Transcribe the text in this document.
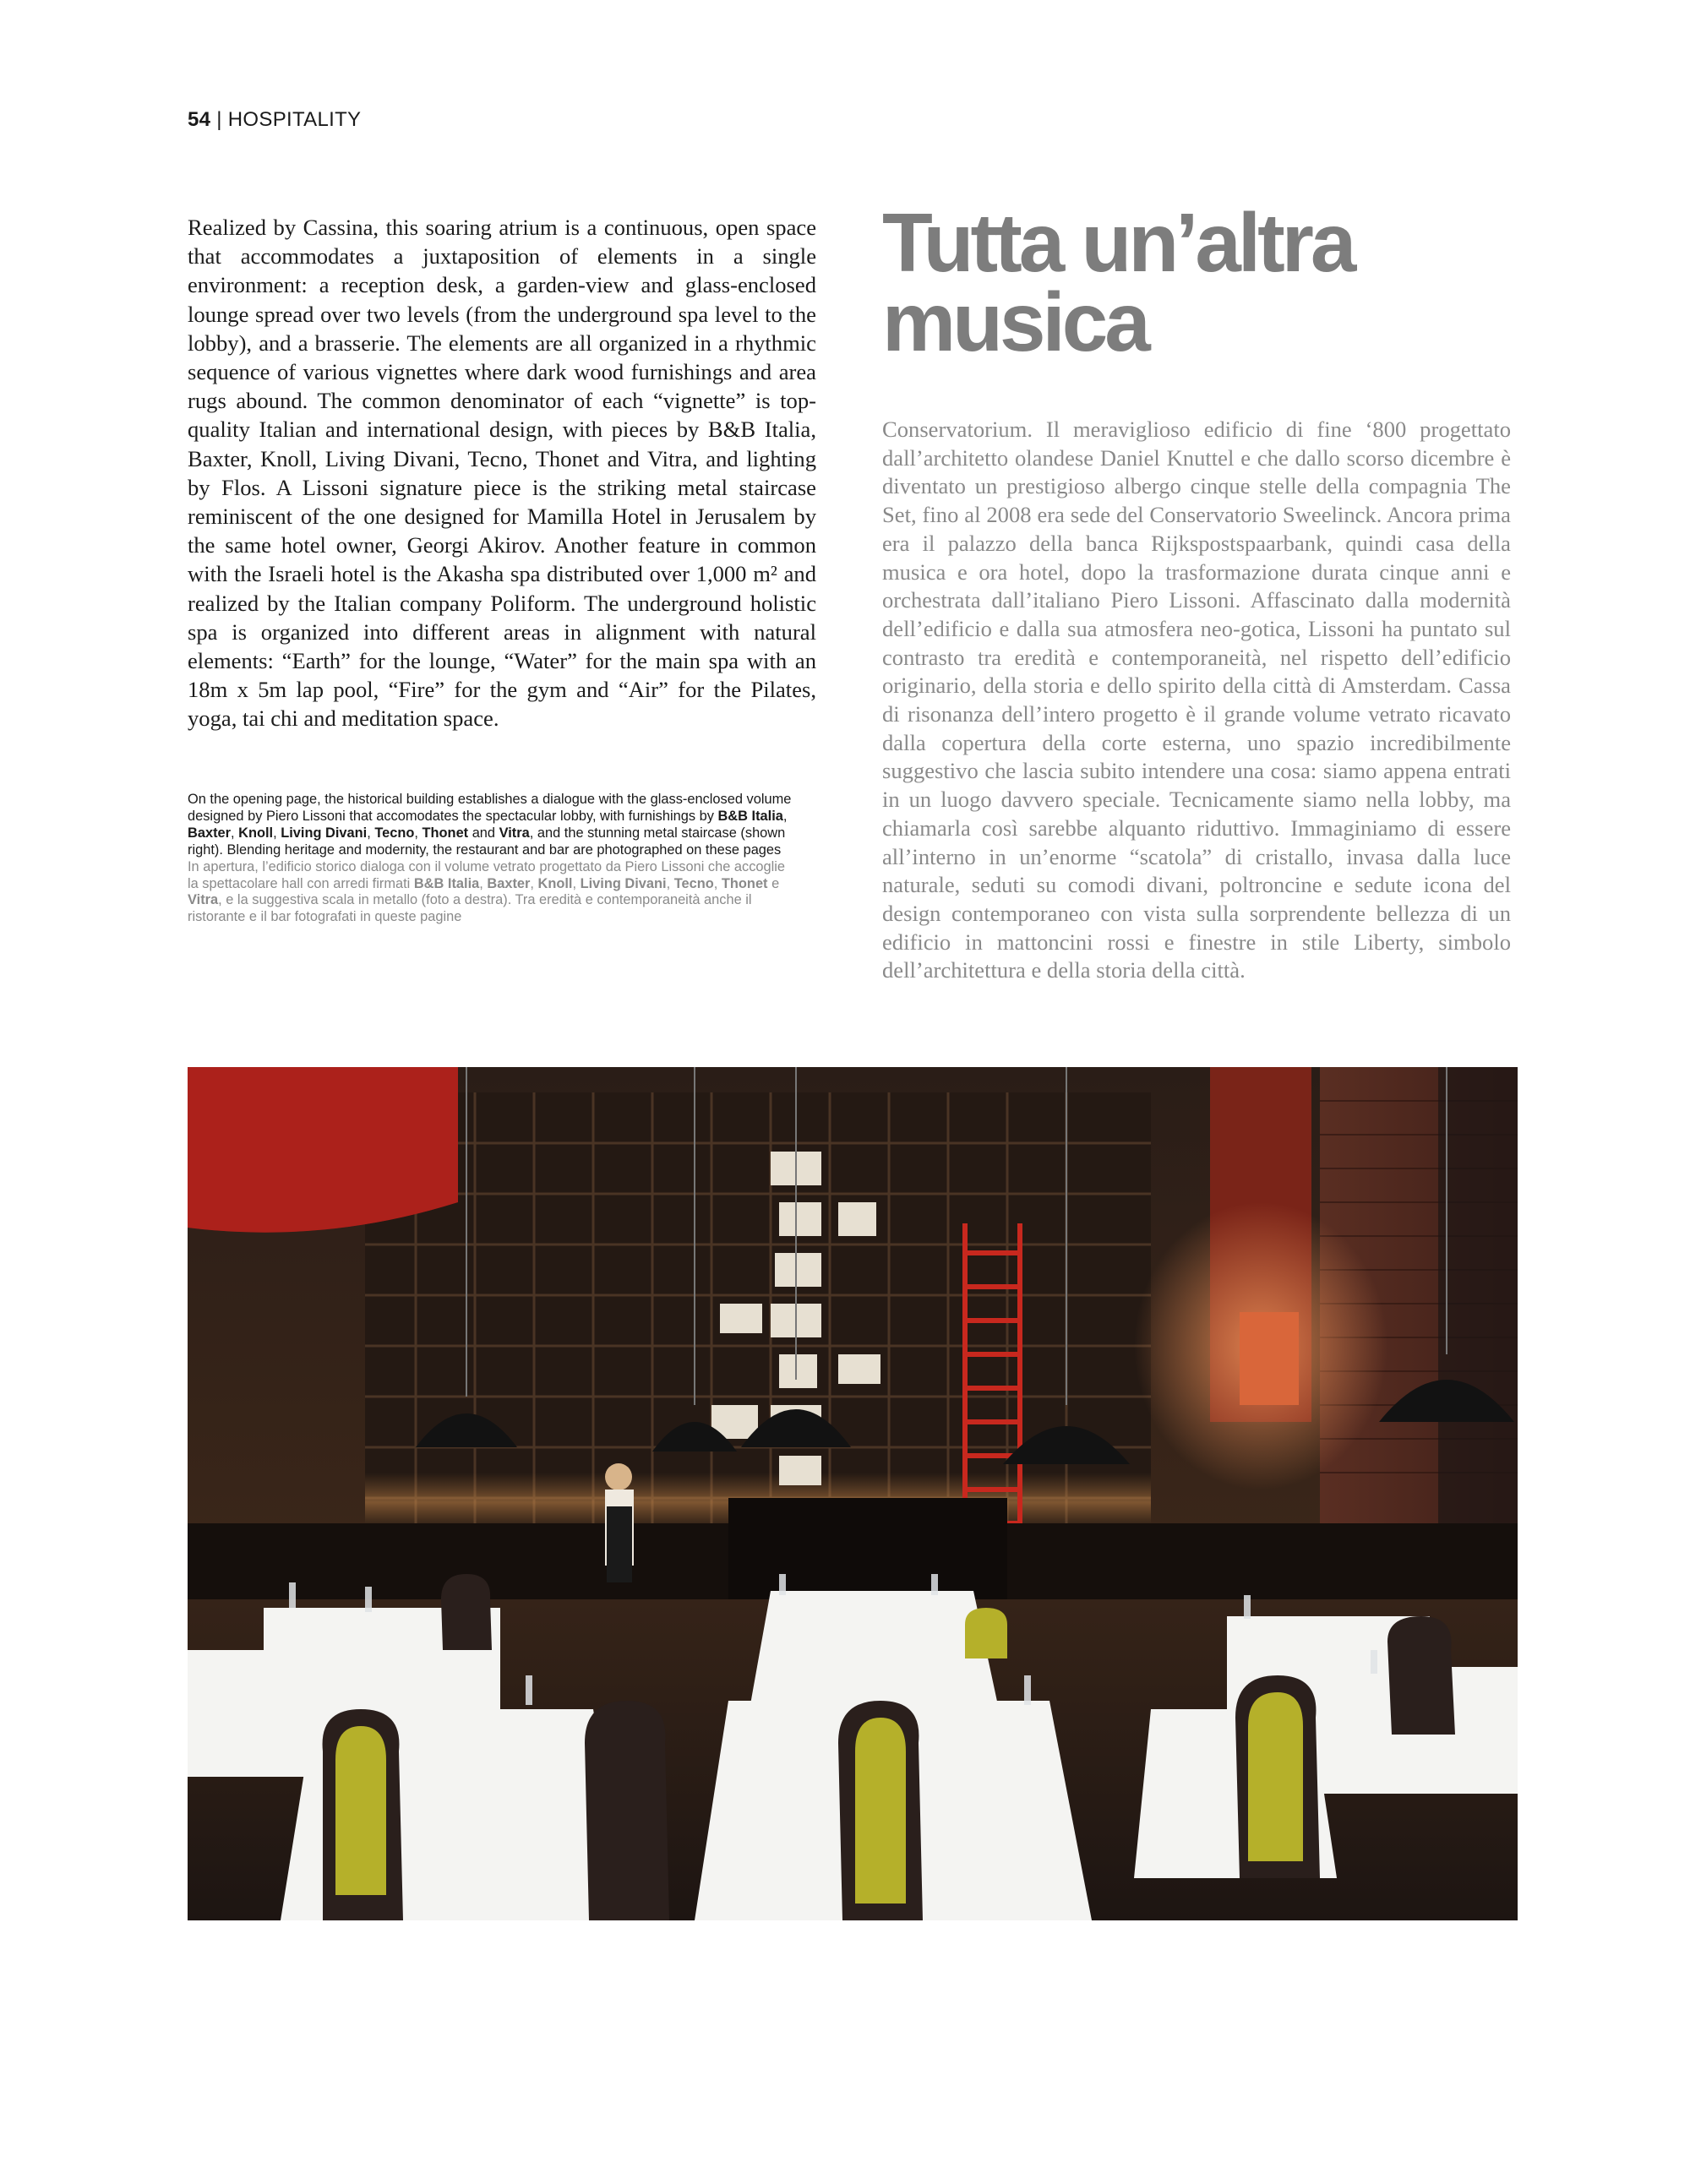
54 | HOSPITALITY

Realized by Cassina, this soaring atrium is a continuous, open space that accommodates a juxtaposition of elements in a single environment: a reception desk, a garden-view and glass-enclosed lounge spread over two levels (from the underground spa level to the lobby), and a brasserie. The elements are all organized in a rhythmic sequence of various vignettes where dark wood furnishings and area rugs abound. The common denominator of each “vignette” is top-quality Italian and international design, with pieces by B&B Italia, Baxter, Knoll, Living Divani, Tecno, Thonet and Vitra, and lighting by Flos. A Lissoni signature piece is the striking metal staircase reminiscent of the one designed for Mamilla Hotel in Jerusalem by the same hotel owner, Georgi Akirov. Another feature in common with the Israeli hotel is the Akasha spa distributed over 1,000 m² and realized by the Italian company Poliform. The underground holistic spa is organized into different areas in alignment with natural elements: “Earth” for the lounge, “Water” for the main spa with an 18m x 5m lap pool, “Fire” for the gym and “Air” for the Pilates, yoga, tai chi and meditation space.

Tutta un’altra
musica

Conservatorium. Il meraviglioso edificio di fine ‘800 progettato dall’architetto olandese Daniel Knuttel e che dallo scorso dicembre è diventato un prestigioso albergo cinque stelle della compagnia The Set, fino al 2008 era sede del Conservatorio Sweelinck. Ancora prima era il palazzo della banca Rijkspostspaarbank, quindi casa della musica e ora hotel, dopo la trasformazione durata cinque anni e orchestrata dall’italiano Piero Lissoni. Affascinato dalla modernità dell’edificio e dalla sua atmosfera neo-gotica, Lissoni ha puntato sul contrasto tra eredità e contemporaneità, nel rispetto dell’edificio originario, della storia e dello spirito della città di Amsterdam. Cassa di risonanza dell’intero progetto è il grande volume vetrato ricavato dalla copertura della corte esterna, uno spazio incredibilmente suggestivo che lascia subito intendere una cosa: siamo appena entrati in un luogo davvero speciale. Tecnicamente siamo nella lobby, ma chiamarla così sarebbe alquanto riduttivo. Immaginiamo di essere all’interno in un’enorme “scatola” di cristallo, invasa dalla luce naturale, seduti su comodi divani, poltroncine e sedute icona del design contemporaneo con vista sulla sorprendente bellezza di un edificio in mattoncini rossi e finestre in stile Liberty, simbolo dell’architettura e della storia della città.

On the opening page, the historical building establishes a dialogue with the glass-enclosed volume designed by Piero Lissoni that accomodates the spectacular lobby, with furnishings by B&B Italia, Baxter, Knoll, Living Divani, Tecno, Thonet and Vitra, and the stunning metal staircase (shown right). Blending heritage and modernity, the restaurant and bar are photographed on these pages

In apertura, l’edificio storico dialoga con il volume vetrato progettato da Piero Lissoni che accoglie la spettacolare hall con arredi firmati B&B Italia, Baxter, Knoll, Living Divani, Tecno, Thonet e Vitra, e la suggestiva scala in metallo (foto a destra). Tra eredità e contemporaneità anche il ristorante e il bar fotografati in queste pagine
